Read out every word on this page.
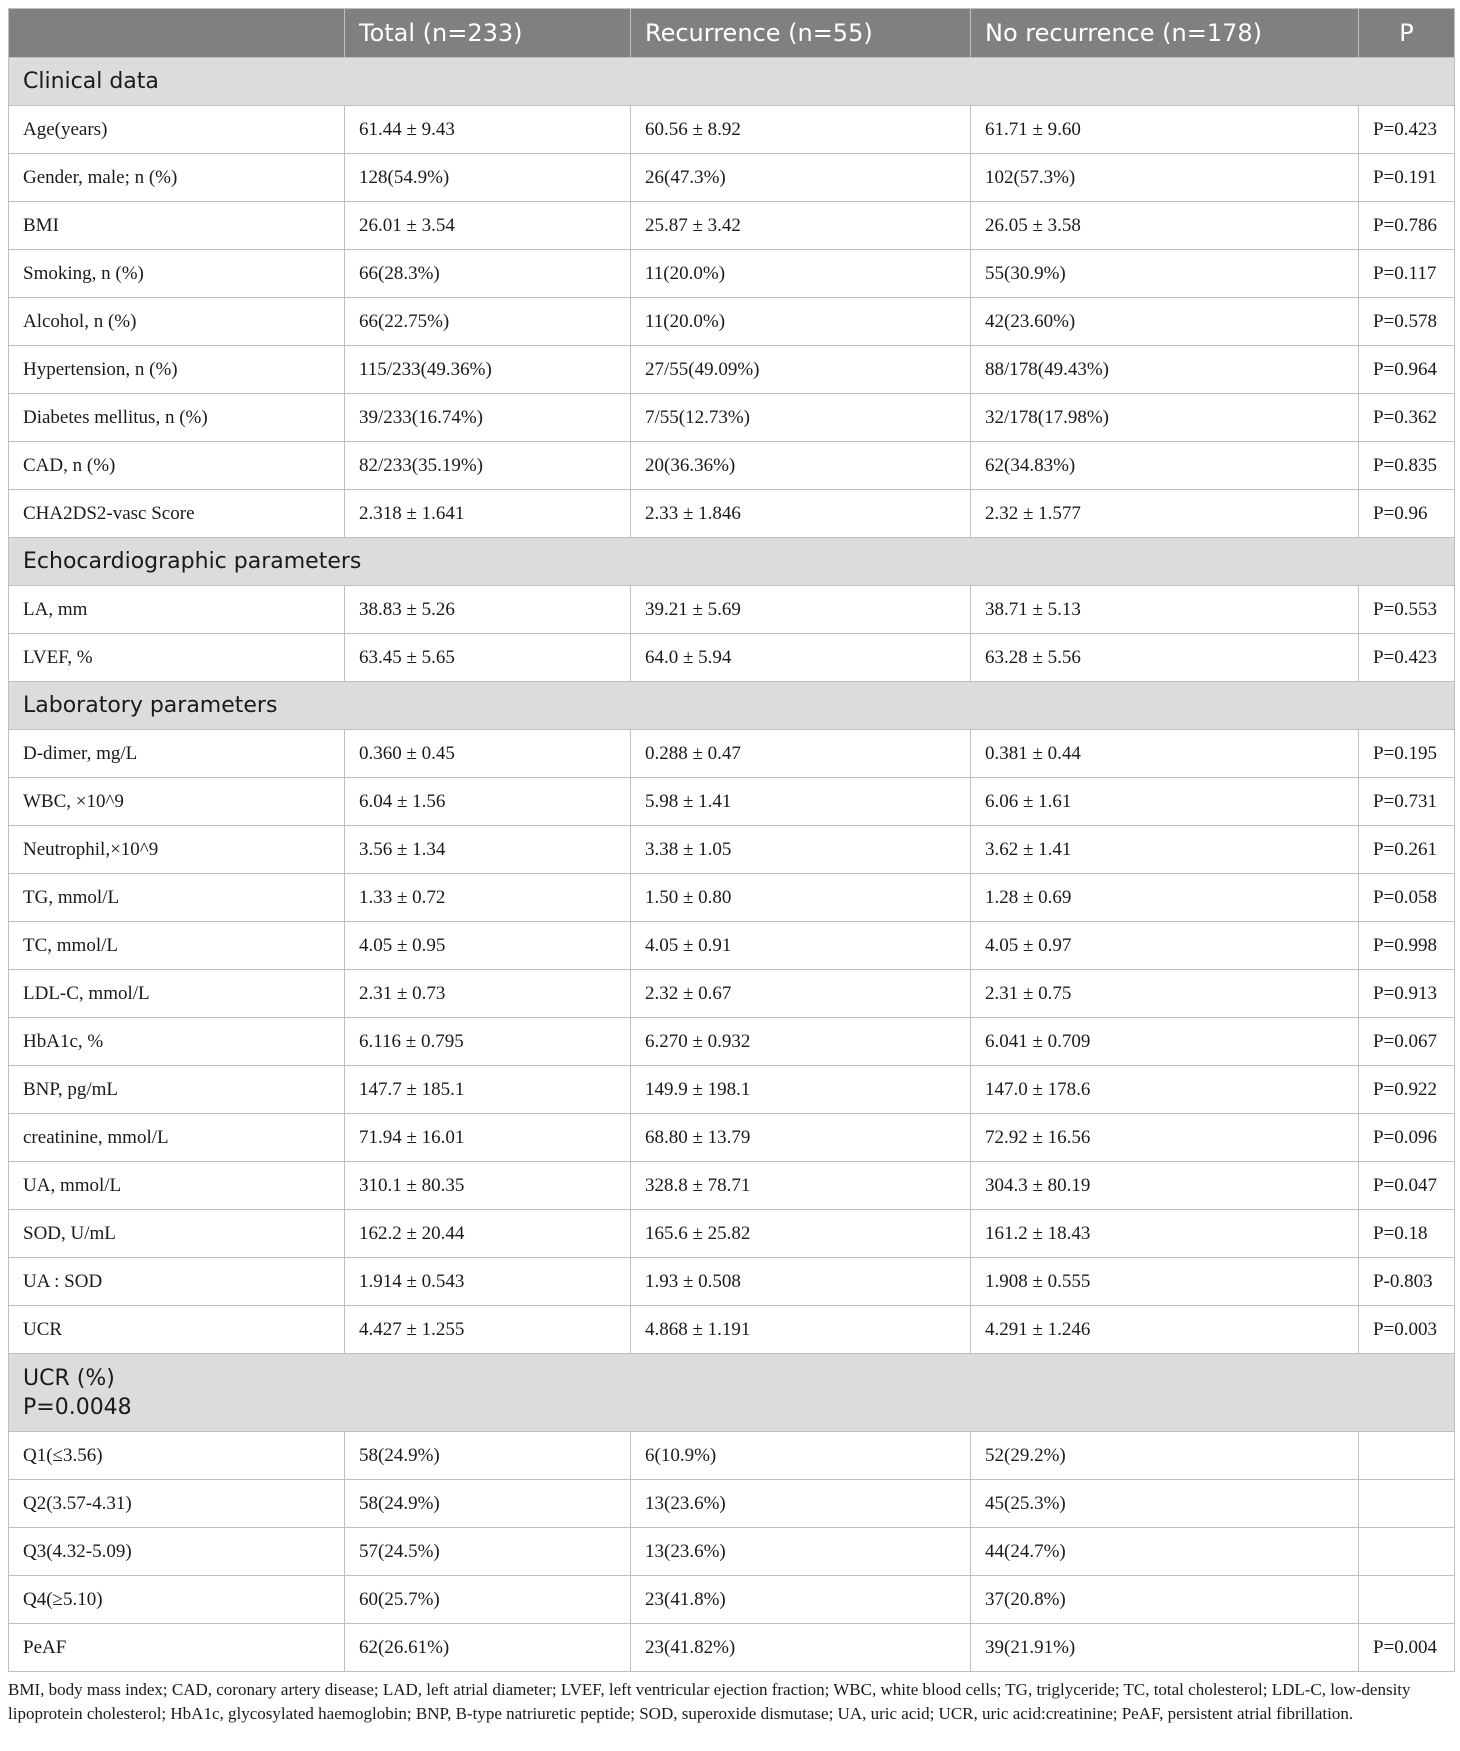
	Total (n=233)	Recurrence (n=55)	No recurrence (n=178)	P

Clinical data				

Age(years)	61.44 ± 9.43	60.56 ± 8.92	61.71 ± 9.60	P=0.423
Gender, male; n (%)	128(54.9%)	26(47.3%)	102(57.3%)	P=0.191
BMI	26.01 ± 3.54	25.87 ± 3.42	26.05 ± 3.58	P=0.786
Smoking, n (%)	66(28.3%)	11(20.0%)	55(30.9%)	P=0.117
Alcohol, n (%)	66(22.75%)	11(20.0%)	42(23.60%)	P=0.578
Hypertension, n (%)	115/233(49.36%)	27/55(49.09%)	88/178(49.43%)	P=0.964
Diabetes mellitus, n (%)	39/233(16.74%)	7/55(12.73%)	32/178(17.98%)	P=0.362
CAD, n (%)	82/233(35.19%)	20(36.36%)	62(34.83%)	P=0.835
CHA2DS2-vasc Score	2.318 ± 1.641	2.33 ± 1.846	2.32 ± 1.577	P=0.96

Echocardiographic parameters				

LA, mm	38.83 ± 5.26	39.21 ± 5.69	38.71 ± 5.13	P=0.553
LVEF, %	63.45 ± 5.65	64.0 ± 5.94	63.28 ± 5.56	P=0.423

Laboratory parameters				

D-dimer, mg/L	0.360 ± 0.45	0.288 ± 0.47	0.381 ± 0.44	P=0.195
WBC, ×10^9	6.04 ± 1.56	5.98 ± 1.41	6.06 ± 1.61	P=0.731
Neutrophil,×10^9	3.56 ± 1.34	3.38 ± 1.05	3.62 ± 1.41	P=0.261
TG, mmol/L	1.33 ± 0.72	1.50 ± 0.80	1.28 ± 0.69	P=0.058
TC, mmol/L	4.05 ± 0.95	4.05 ± 0.91	4.05 ± 0.97	P=0.998
LDL-C, mmol/L	2.31 ± 0.73	2.32 ± 0.67	2.31 ± 0.75	P=0.913
HbA1c, %	6.116 ± 0.795	6.270 ± 0.932	6.041 ± 0.709	P=0.067
BNP, pg/mL	147.7 ± 185.1	149.9 ± 198.1	147.0 ± 178.6	P=0.922
creatinine, mmol/L	71.94 ± 16.01	68.80 ± 13.79	72.92 ± 16.56	P=0.096
UA, mmol/L	310.1 ± 80.35	328.8 ± 78.71	304.3 ± 80.19	P=0.047
SOD, U/mL	162.2 ± 20.44	165.6 ± 25.82	161.2 ± 18.43	P=0.18
UA : SOD	1.914 ± 0.543	1.93 ± 0.508	1.908 ± 0.555	P-0.803
UCR	4.427 ± 1.255	4.868 ± 1.191	4.291 ± 1.246	P=0.003

UCR (%)
P=0.0048				

Q1(≤3.56)	58(24.9%)	6(10.9%)	52(29.2%)	
Q2(3.57-4.31)	58(24.9%)	13(23.6%)	45(25.3%)	
Q3(4.32-5.09)	57(24.5%)	13(23.6%)	44(24.7%)	
Q4(≥5.10)	60(25.7%)	23(41.8%)	37(20.8%)	
PeAF	62(26.61%)	23(41.82%)	39(21.91%)	P=0.004
BMI, body mass index; CAD, coronary artery disease; LAD, left atrial diameter; LVEF, left ventricular ejection fraction; WBC, white blood cells; TG, triglyceride; TC, total cholesterol; LDL-C, low-density lipoprotein cholesterol; HbA1c, glycosylated haemoglobin; BNP, B-type natriuretic peptide; SOD, superoxide dismutase; UA, uric acid; UCR, uric acid:creatinine; PeAF, persistent atrial fibrillation.
